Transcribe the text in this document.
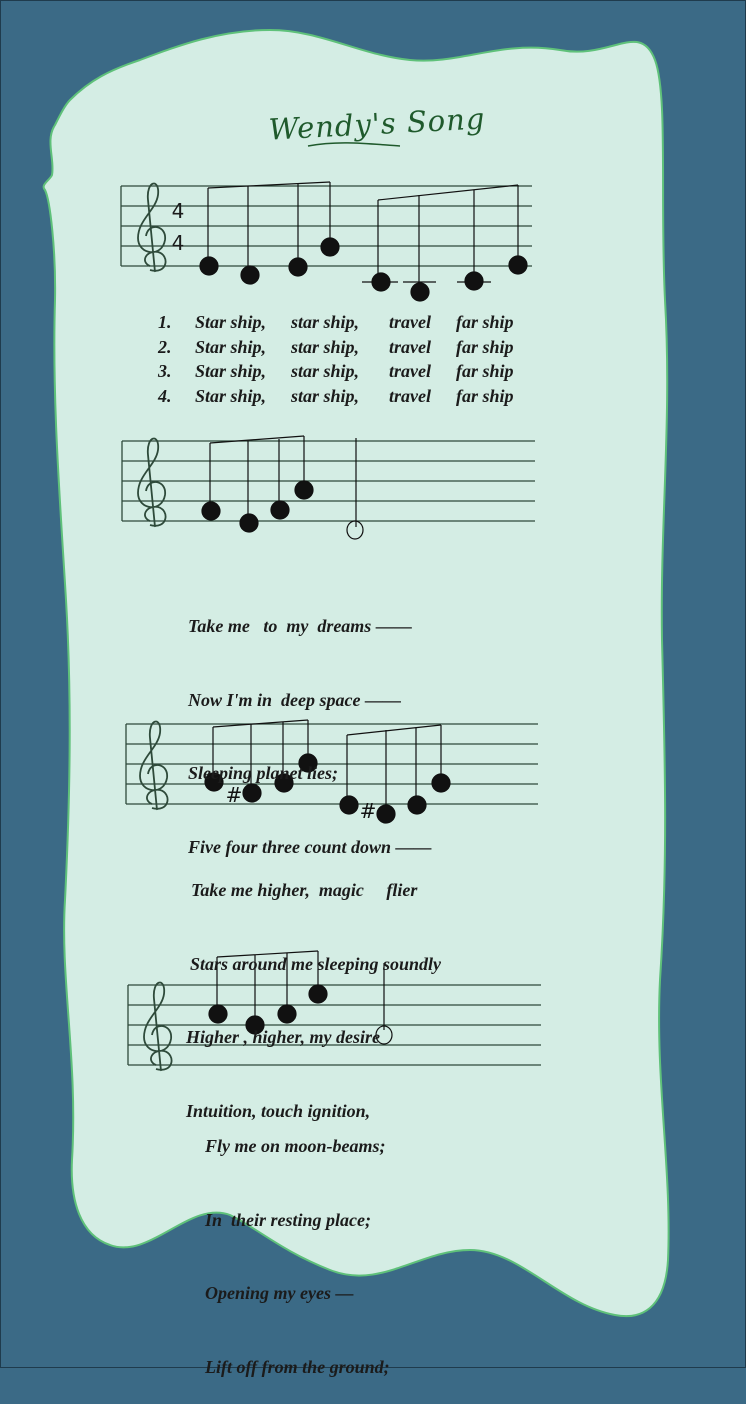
Wendy's Song
4
4
#
#
1. Star ship, star ship, travel far ship
2. Star ship, star ship, travel far ship
3. Star ship, star ship, travel far ship
4. Star ship, star ship, travel far ship

Take me   to  my  dreams ——

Now I'm in  deep space ——

Sleeping planet lies;

Five four three count down ——

Take me higher,  magic     flier

Stars around me sleeping soundly

Higher , higher, my desire

Intuition, touch ignition,

Fly me on moon-beams;

In  their resting place;

Opening my eyes —

Lift off from the ground;
